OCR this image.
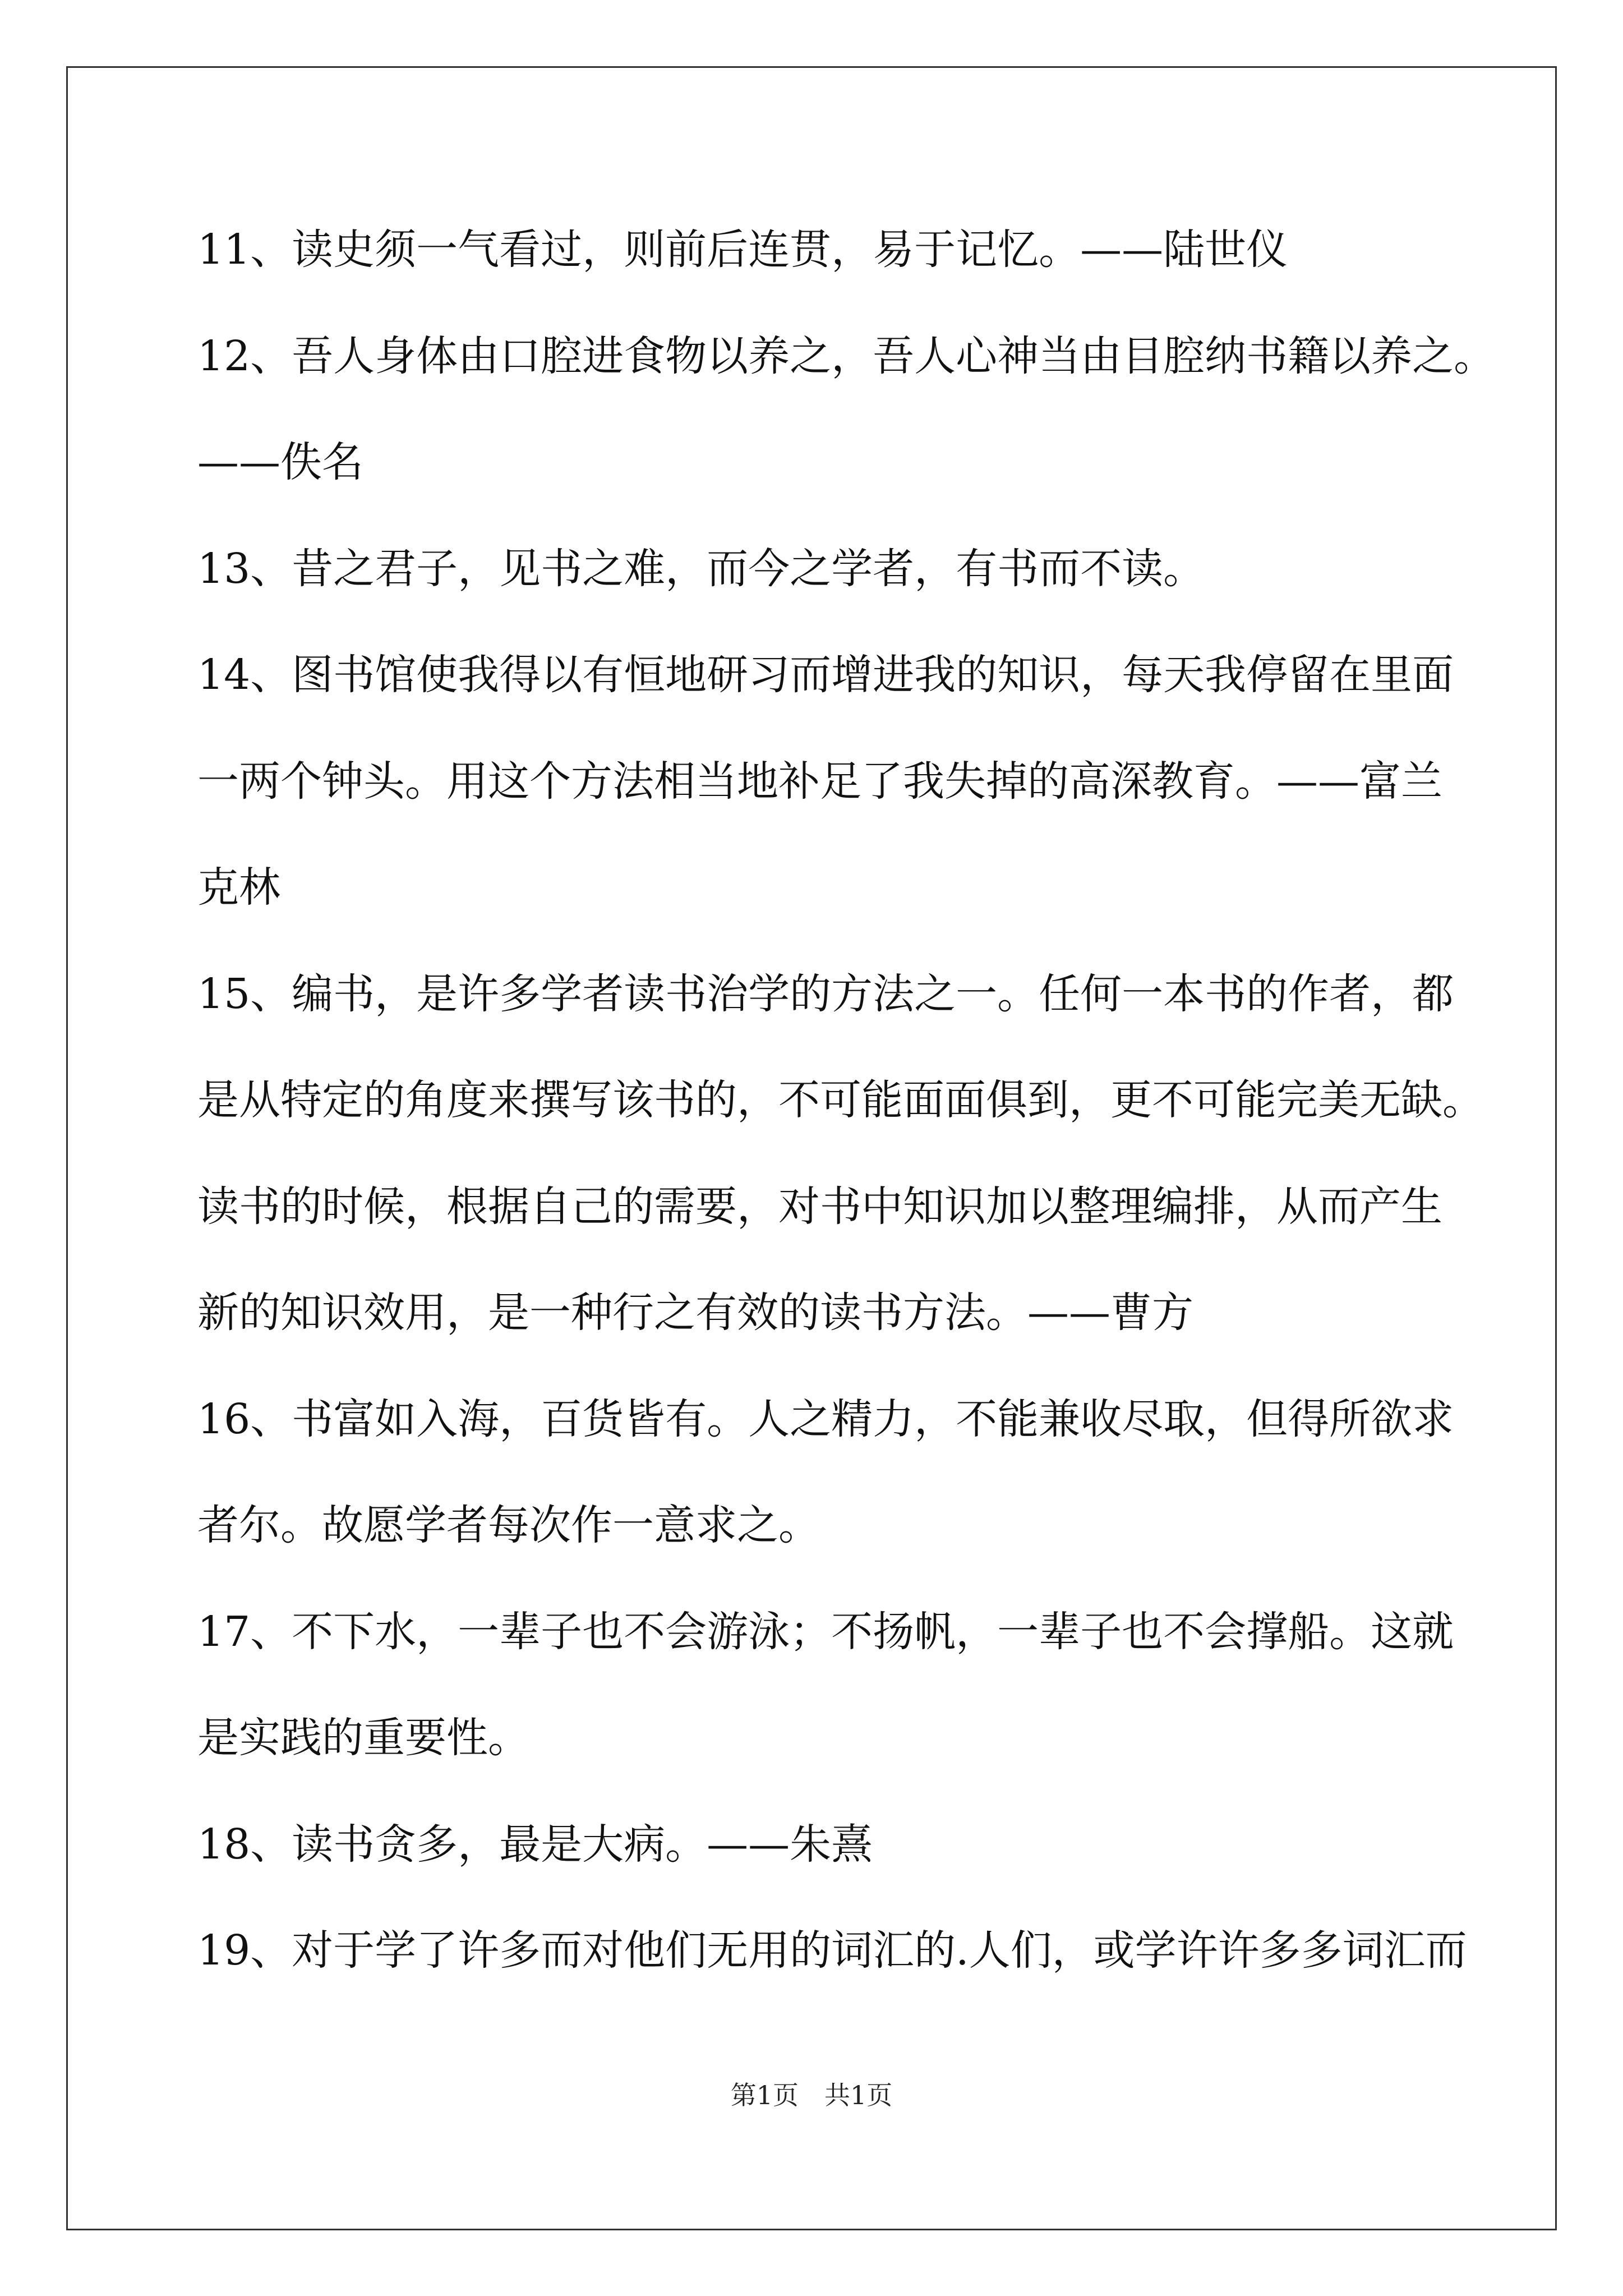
11、读史须一气看过，则前后连贯，易于记忆。——陆世仪
12、吾人身体由口腔进食物以养之，吾人心神当由目腔纳书籍以养之。
——佚名
13、昔之君子，见书之难，而今之学者，有书而不读。
14、图书馆使我得以有恒地研习而增进我的知识，每天我停留在里面
一两个钟头。用这个方法相当地补足了我失掉的高深教育。——富兰
克林
15、编书，是许多学者读书治学的方法之一。任何一本书的作者，都
是从特定的角度来撰写该书的，不可能面面俱到，更不可能完美无缺。
读书的时候，根据自己的需要，对书中知识加以整理编排，从而产生
新的知识效用，是一种行之有效的读书方法。——曹方
16、书富如入海，百货皆有。人之精力，不能兼收尽取，但得所欲求
者尔。故愿学者每次作一意求之。
17、不下水，一辈子也不会游泳；不扬帆，一辈子也不会撑船。这就
是实践的重要性。
18、读书贪多，最是大病。——朱熹
19、对于学了许多而对他们无用的词汇的.人们，或学许许多多词汇而
第1页　共1页
